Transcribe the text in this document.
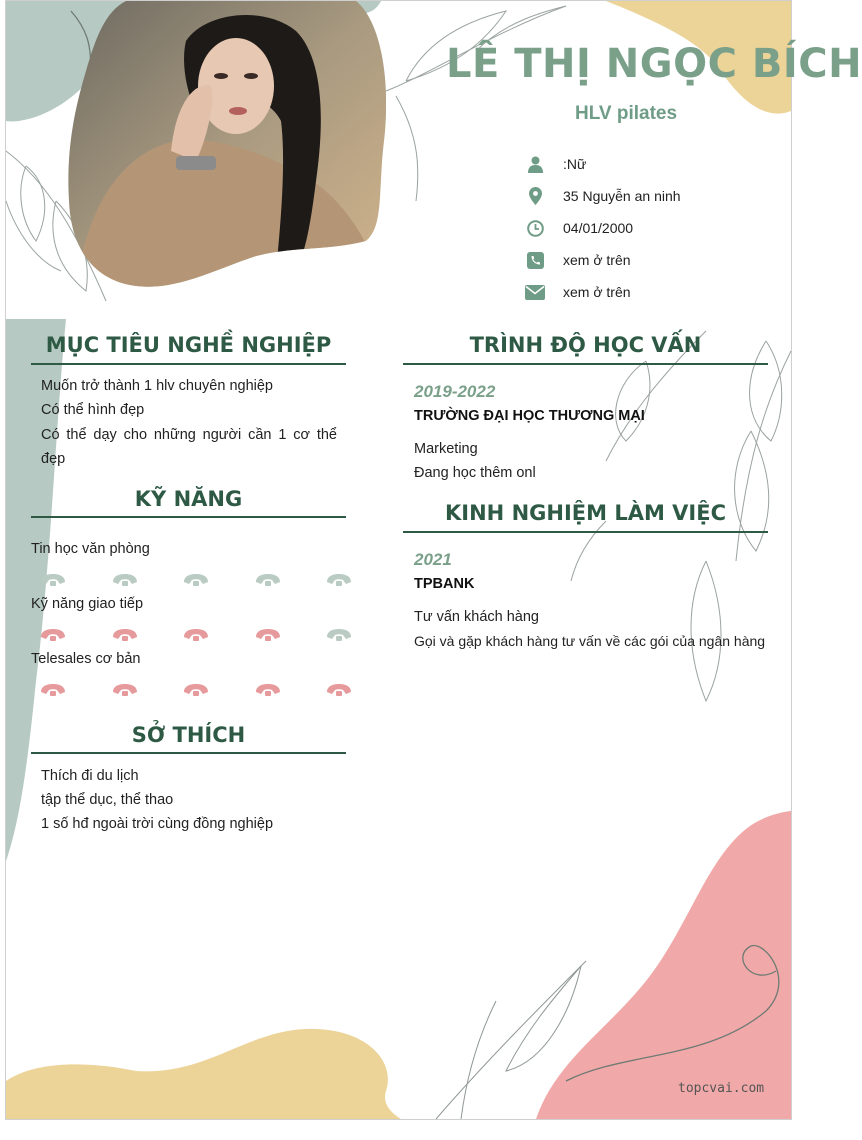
LÊ THỊ NGỌC BÍCH
HLV pilates
:Nữ
35 Nguyễn an ninh
04/01/2000
xem ở trên
xem ở trên
MỤC TIÊU NGHỀ NGHIỆP
Muốn trở thành 1 hlv chuyên nghiệp
Có thể hình đẹp
Có thể dạy cho những người cần 1 cơ thể đẹp
KỸ NĂNG
Tin học văn phòng
Kỹ năng giao tiếp
Telesales cơ bản
SỞ THÍCH
Thích đi du lịch
tập thể dục, thể thao
1 số hđ ngoài trời cùng đồng nghiệp
TRÌNH ĐỘ HỌC VẤN
2019-2022
TRƯỜNG ĐẠI HỌC THƯƠNG MẠI
Marketing
Đang học thêm onl
KINH NGHIỆM LÀM VIỆC
2021
TPBANK
Tư vấn khách hàng
Gọi và gặp khách hàng tư vấn về các gói của ngân hàng
topcvai.com
